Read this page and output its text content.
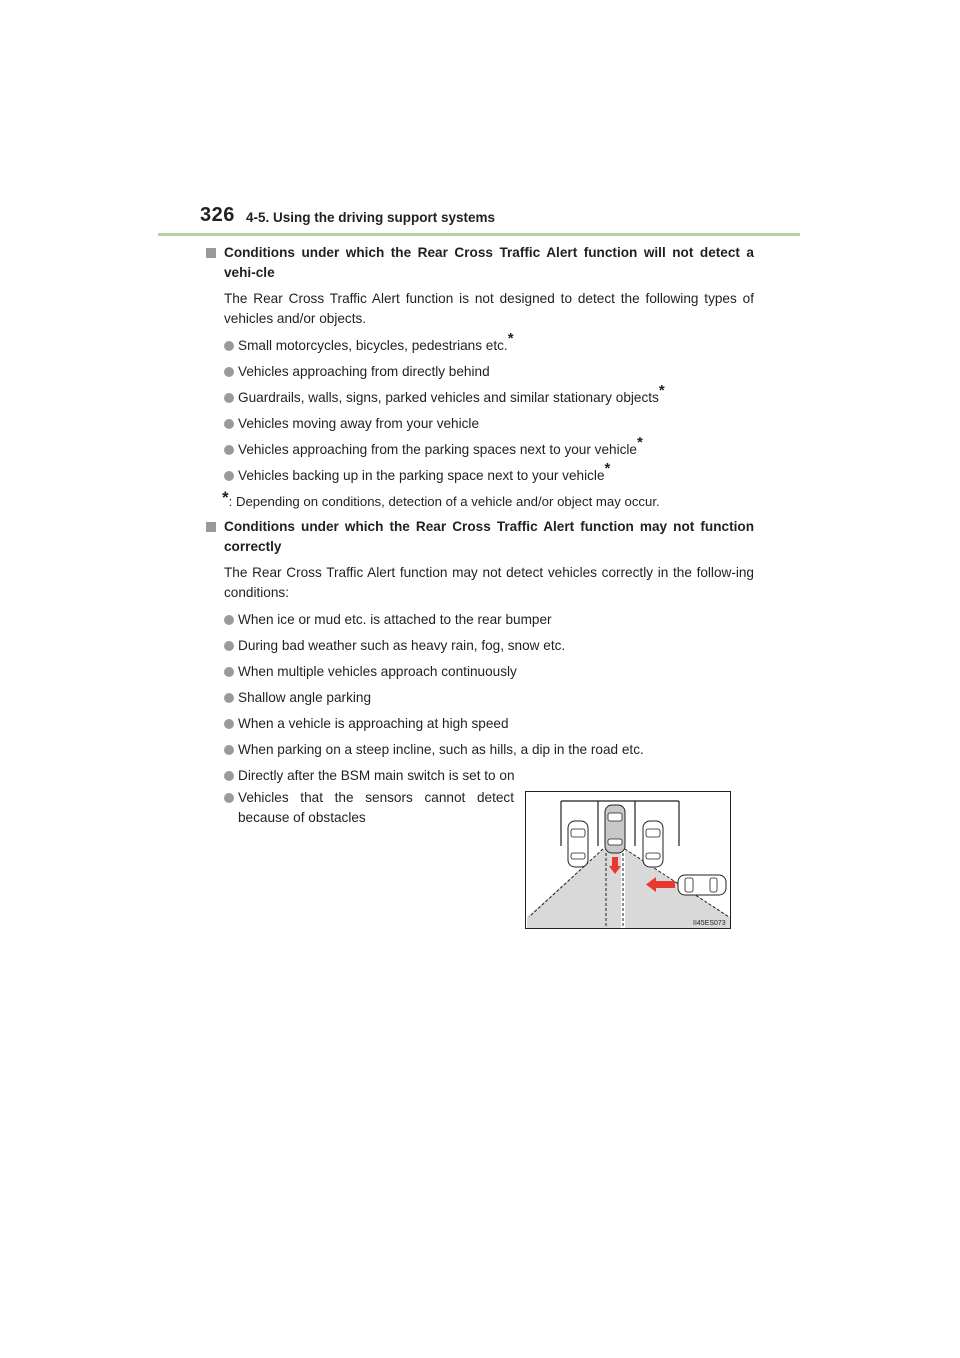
326 4-5. Using the driving support systems
Conditions under which the Rear Cross Traffic Alert function will not detect a vehi-cle
The Rear Cross Traffic Alert function is not designed to detect the following types of vehicles and/or objects.
Small motorcycles, bicycles, pedestrians etc.*
Vehicles approaching from directly behind
Guardrails, walls, signs, parked vehicles and similar stationary objects*
Vehicles moving away from your vehicle
Vehicles approaching from the parking spaces next to your vehicle*
Vehicles backing up in the parking space next to your vehicle*
*: Depending on conditions, detection of a vehicle and/or object may occur.
Conditions under which the Rear Cross Traffic Alert function may not function correctly
The Rear Cross Traffic Alert function may not detect vehicles correctly in the follow-ing conditions:
When ice or mud etc. is attached to the rear bumper
During bad weather such as heavy rain, fog, snow etc.
When multiple vehicles approach continuously
Shallow angle parking
When a vehicle is approaching at high speed
When parking on a steep incline, such as hills, a dip in the road etc.
Directly after the BSM main switch is set to on
Vehicles that the sensors cannot detect because of obstacles
II45ES073
